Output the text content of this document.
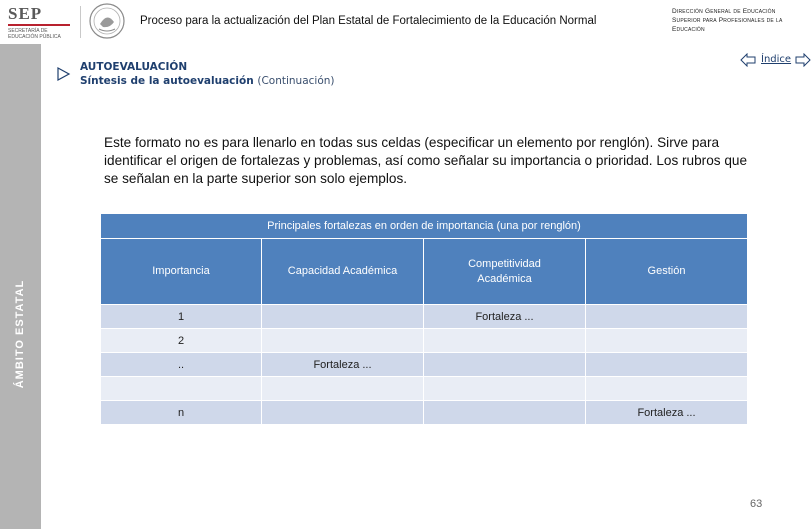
SEP
SECRETARÍA DE EDUCACIÓN PÚBLICA
Proceso para la actualización del Plan Estatal de Fortalecimiento de la Educación Normal
Dirección General de Educación Superior para Profesionales de la Educación
ÁMBITO ESTATAL
AUTOEVALUACIÓN
Síntesis de la autoevaluación (Continuación)
Índice

Este formato no es para llenarlo en todas sus celdas (especificar un elemento por renglón). Sirve para identificar el origen de fortalezas y problemas, así como señalar su importancia o prioridad. Los rubros que se señalan en la parte superior son solo ejemplos.

Principales fortalezas en orden de importancia (una por renglón)			
Importancia	Capacidad Académica	Competitividad Académica	Gestión
1		Fortaleza ...	
2			
..	Fortaleza ...		

n			Fortaleza ...
63
